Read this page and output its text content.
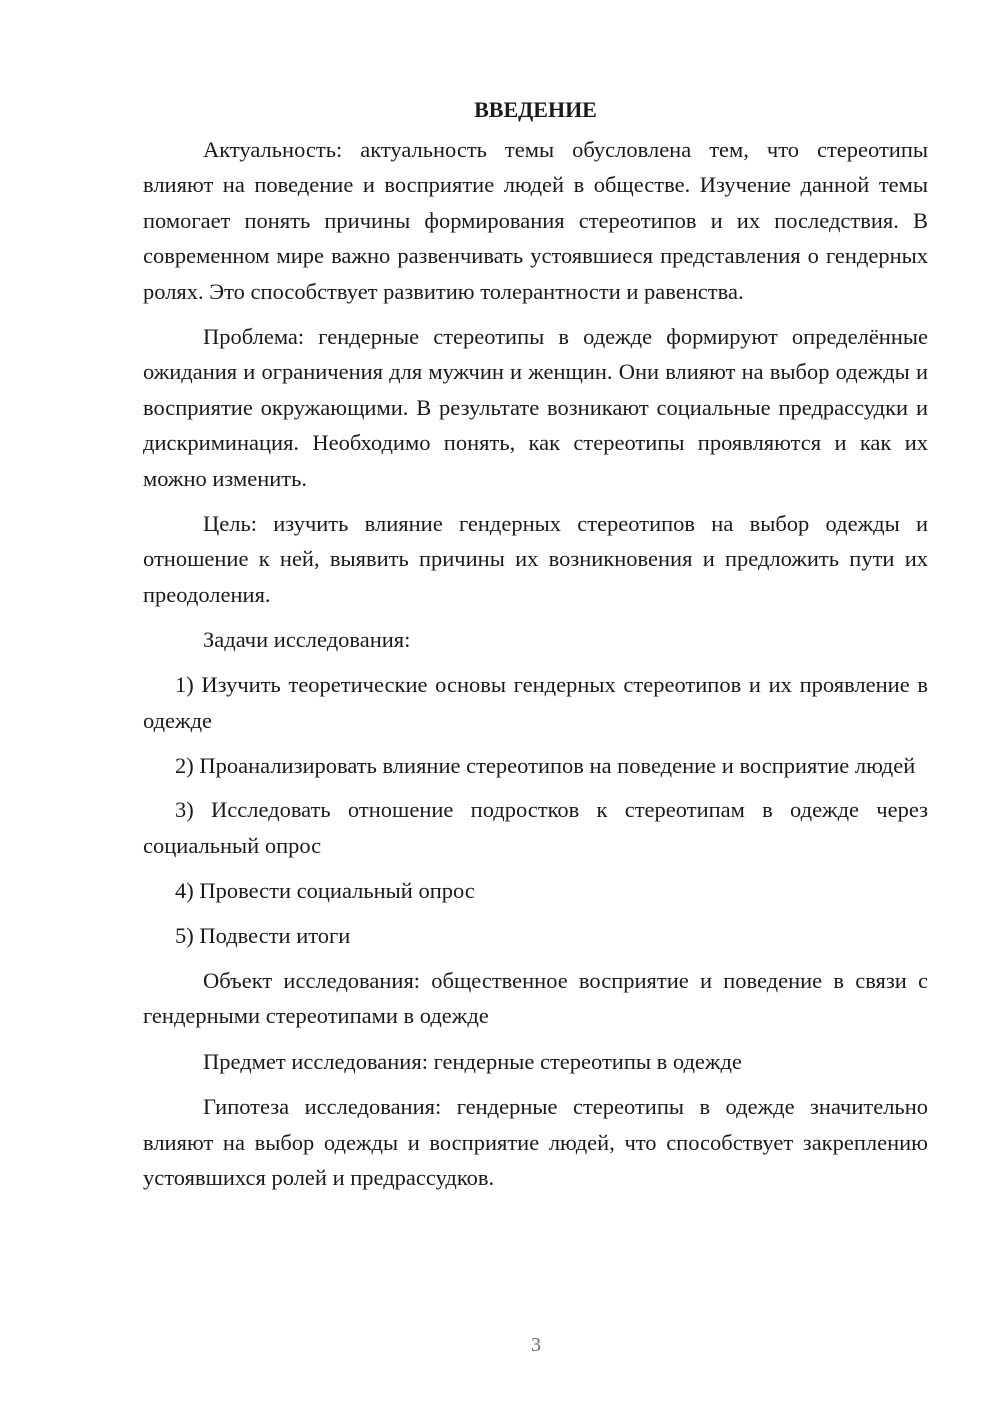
ВВЕДЕНИЕ

Актуальность: актуальность темы обусловлена тем, что стереотипы влияют на поведение и восприятие людей в обществе. Изучение данной темы помогает понять причины формирования стереотипов и их последствия. В современном мире важно развенчивать устоявшиеся представления о гендерных ролях. Это способствует развитию толерантности и равенства.

Проблема: гендерные стереотипы в одежде формируют определённые ожидания и ограничения для мужчин и женщин. Они влияют на выбор одежды и восприятие окружающими. В результате возникают социальные предрассудки и дискриминация. Необходимо понять, как стереотипы проявляются и как их можно изменить.

Цель: изучить влияние гендерных стереотипов на выбор одежды и отношение к ней, выявить причины их возникновения и предложить пути их преодоления.

Задачи исследования:

1) Изучить теоретические основы гендерных стереотипов и их проявление в одежде

2) Проанализировать влияние стереотипов на поведение и восприятие людей

3) Исследовать отношение подростков к стереотипам в одежде через социальный опрос

4) Провести социальный опрос

5) Подвести итоги

Объект исследования: общественное восприятие и поведение в связи с гендерными стереотипами в одежде

Предмет исследования: гендерные стереотипы в одежде

Гипотеза исследования: гендерные стереотипы в одежде значительно влияют на выбор одежды и восприятие людей, что способствует закреплению устоявшихся ролей и предрассудков.

3
